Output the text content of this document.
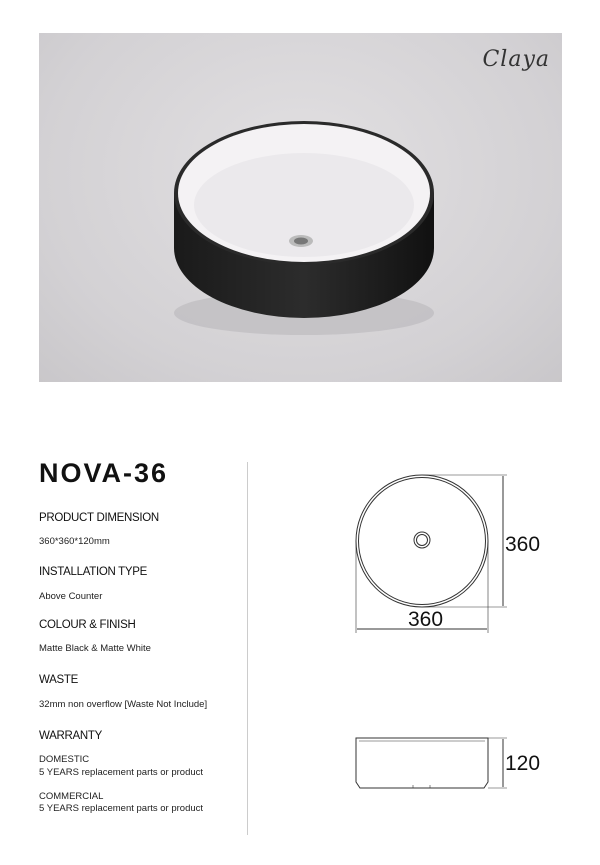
Claya
NOVA-36
PRODUCT DIMENSION
360*360*120mm
INSTALLATION TYPE
Above Counter
COLOUR & FINISH
Matte Black & Matte White
WASTE
32mm non overflow [Waste Not Include]
WARRANTY
DOMESTIC
5 YEARS replacement parts or product
COMMERCIAL
5 YEARS replacement parts or product
360
360
120
